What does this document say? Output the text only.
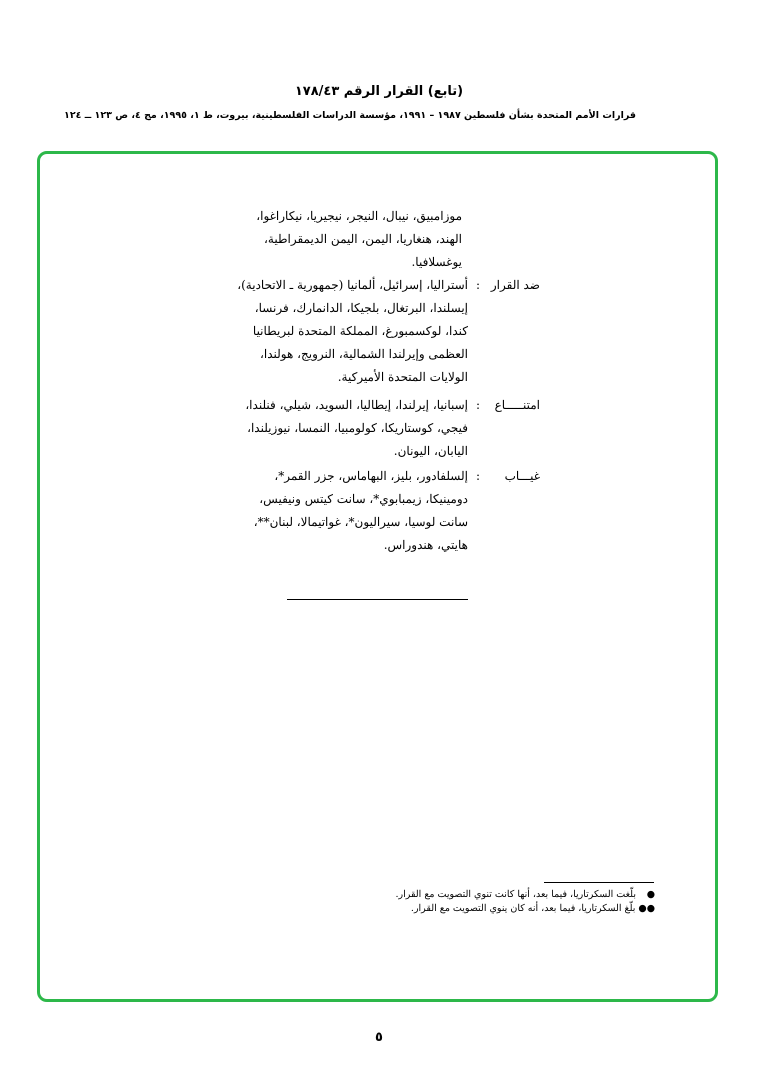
(تابع) القرار الرقم ١٧٨/٤٣
قرارات الأمم المتحدة بشأن فلسطين ١٩٨٧ – ١٩٩١، مؤسسة الدراسات الفلسطينية، بيروت، ط ١، ١٩٩٥، مج ٤، ص ١٢٣ ــ ١٢٤
موزامبيق، نيبال، النيجر، نيجيريا، نيكاراغوا،
الهند، هنغاريا، اليمن، اليمن الديمقراطية،
يوغسلافيا.
ضد القرار
:
أستراليا، إسرائيل، ألمانيا (جمهورية ـ الاتحادية)،
إيسلندا، البرتغال، بلجيكا، الدانمارك، فرنسا،
كندا، لوكسمبورغ، المملكة المتحدة لبريطانيا
العظمى وإيرلندا الشمالية، النرويج، هولندا،
الولايات المتحدة الأميركية.
امتنـــــاع
:
إسبانيا، إيرلندا، إيطاليا، السويد، شيلي، فنلندا،
فيجي، كوستاريكا، كولومبيا، النمسا، نيوزيلندا،
اليابان، اليونان.
غيـــاب
:
إلسلفادور، بليز، البهاماس، جزر القمر*،
دومينيكا، زيمبابوي*، سانت كيتس ونيفيس،
سانت لوسيا، سيراليون*، غواتيمالا، لبنان**،
هايتي، هندوراس.
● بلّغت السكرتاريا، فيما بعد، أنها كانت تنوي التصويت مع القرار.
●● بلّغ السكرتاريا، فيما بعد، أنه كان ينوي التصويت مع القرار.
٥
